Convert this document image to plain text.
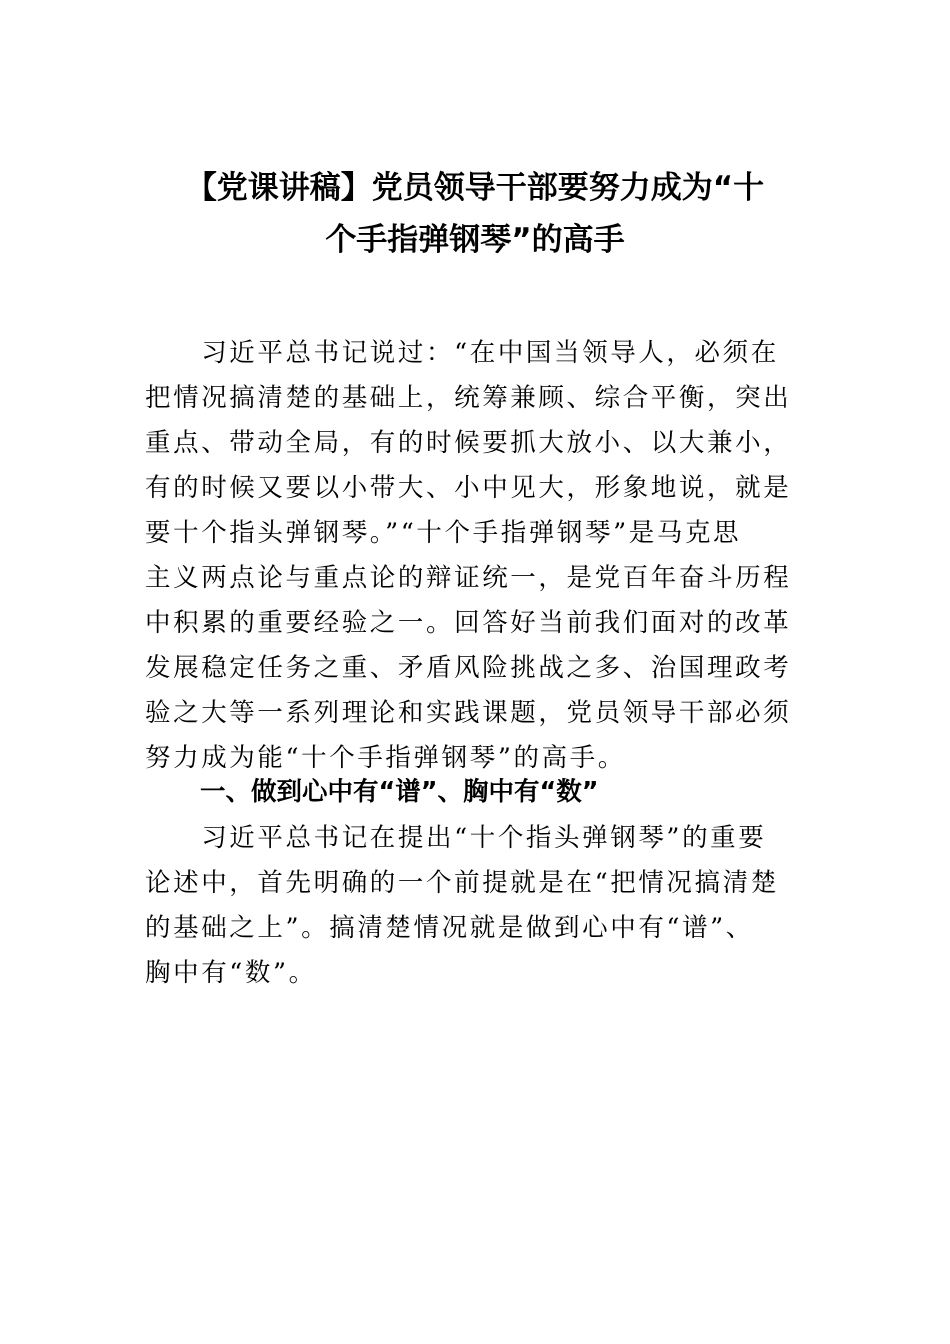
【党课讲稿】党员领导干部要努力成为“十
个手指弹钢琴”的高手
　　习近平总书记说过：“在中国当领导人，必须在
把情况搞清楚的基础上，统筹兼顾、综合平衡，突出
重点、带动全局，有的时候要抓大放小、以大兼小，
有的时候又要以小带大、小中见大，形象地说，就是
要十个指头弹钢琴。”“十个手指弹钢琴”是马克思
主义两点论与重点论的辩证统一，是党百年奋斗历程
中积累的重要经验之一。回答好当前我们面对的改革
发展稳定任务之重、矛盾风险挑战之多、治国理政考
验之大等一系列理论和实践课题，党员领导干部必须
努力成为能“十个手指弹钢琴”的高手。
一、做到心中有“谱”、胸中有“数”
　　习近平总书记在提出“十个指头弹钢琴”的重要
论述中，首先明确的一个前提就是在“把情况搞清楚
的基础之上”。搞清楚情况就是做到心中有“谱”、
胸中有“数”。
